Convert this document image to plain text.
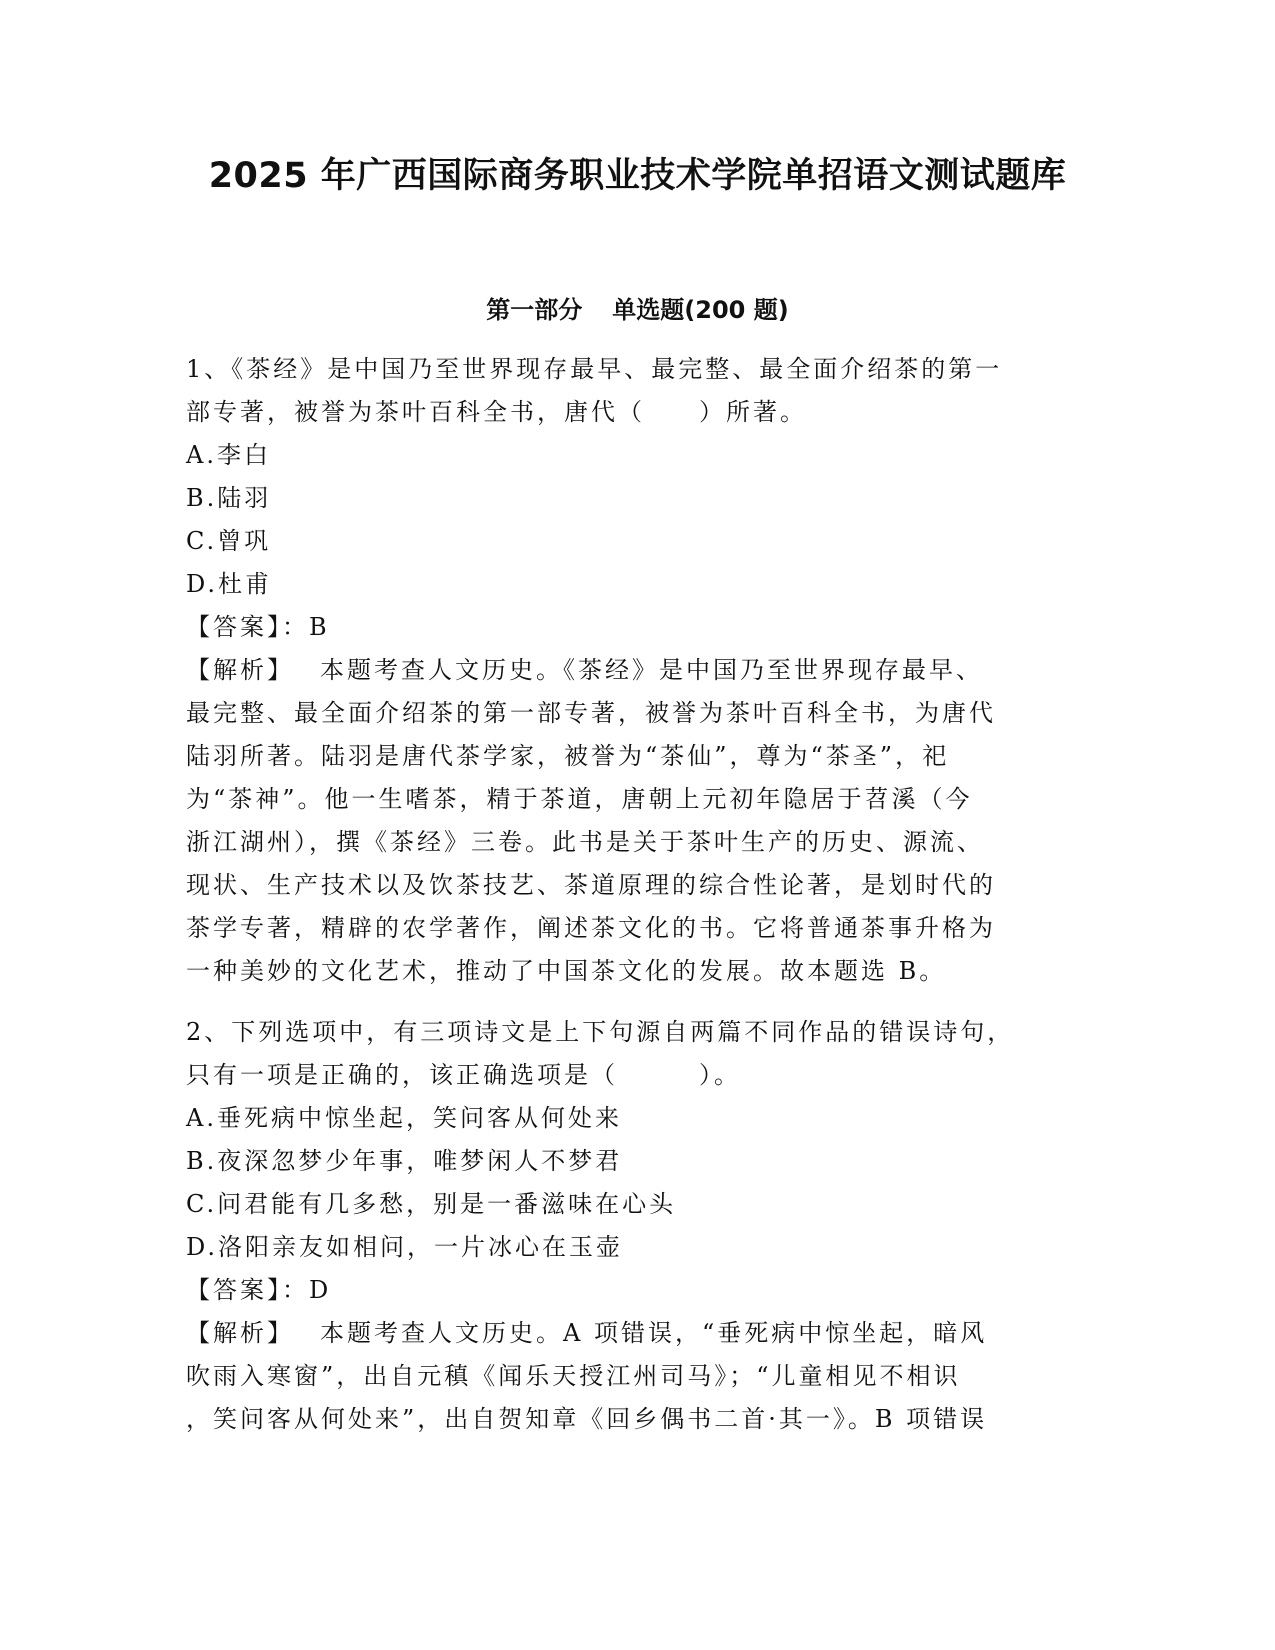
2025 年广西国际商务职业技术学院单招语文测试题库
第一部分 单选题(200 题)
1、《茶经》是中国乃至世界现存最早、最完整、最全面介绍茶的第一
部专著，被誉为茶叶百科全书，唐代（　　）所著。
A.李白
B.陆羽
C.曾巩
D.杜甫
【答案】：B
【解析】 本题考查人文历史。《茶经》是中国乃至世界现存最早、
最完整、最全面介绍茶的第一部专著，被誉为茶叶百科全书，为唐代
陆羽所著。陆羽是唐代茶学家，被誉为“茶仙”，尊为“茶圣”，祀
为“茶神”。他一生嗜茶，精于茶道，唐朝上元初年隐居于苕溪（今
浙江湖州），撰《茶经》三卷。此书是关于茶叶生产的历史、源流、
现状、生产技术以及饮茶技艺、茶道原理的综合性论著，是划时代的
茶学专著，精辟的农学著作，阐述茶文化的书。它将普通茶事升格为
一种美妙的文化艺术，推动了中国茶文化的发展。故本题选 B。
2、下列选项中，有三项诗文是上下句源自两篇不同作品的错误诗句，
只有一项是正确的，该正确选项是（　　　）。
A.垂死病中惊坐起，笑问客从何处来
B.夜深忽梦少年事，唯梦闲人不梦君
C.问君能有几多愁，别是一番滋味在心头
D.洛阳亲友如相问，一片冰心在玉壶
【答案】：D
【解析】 本题考查人文历史。A 项错误，“垂死病中惊坐起，暗风
吹雨入寒窗”，出自元稹《闻乐天授江州司马》；“儿童相见不相识
，笑问客从何处来”，出自贺知章《回乡偶书二首·其一》。B 项错误
